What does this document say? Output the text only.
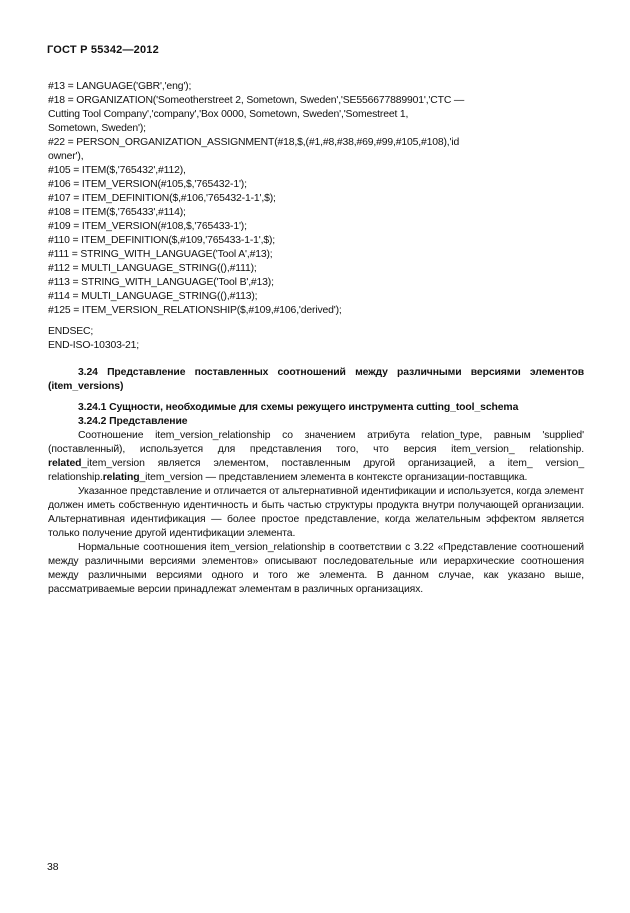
ГОСТ Р 55342—2012
#13 = LANGUAGE('GBR','eng');
#18 = ORGANIZATION('Someotherstreet 2, Sometown, Sweden','SE556677889901','CTC —
Cutting Tool Company','company','Box 0000, Sometown, Sweden','Somestreet 1,
Sometown, Sweden');
#22 = PERSON_ORGANIZATION_ASSIGNMENT(#18,$,(#1,#8,#38,#69,#99,#105,#108),'id
owner'),
#105 = ITEM($,'765432',#112),
#106 = ITEM_VERSION(#105,$,'765432-1');
#107 = ITEM_DEFINITION($,#106,'765432-1-1',$);
#108 = ITEM($,'765433',#114);
#109 = ITEM_VERSION(#108,$,'765433-1');
#110 = ITEM_DEFINITION($,#109,'765433-1-1',$);
#111 = STRING_WITH_LANGUAGE('Tool A',#13);
#112 = MULTI_LANGUAGE_STRING((),#111);
#113 = STRING_WITH_LANGUAGE('Tool B',#13);
#114 = MULTI_LANGUAGE_STRING((),#113);
#125 = ITEM_VERSION_RELATIONSHIP($,#109,#106,'derived');
ENDSEC;
END-ISO-10303-21;
3.24 Представление поставленных соотношений между различными версиями элементов (item_versions)
3.24.1 Сущности, необходимые для схемы режущего инструмента cutting_tool_schema
3.24.2 Представление

Соотношение item_version_relationship со значением атрибута relation_type, равным 'supplied' (поставленный), используется для представления того, что версия item_version_ relationship. related_item_version является элементом, поставленным другой организацией, а item_ version_ relationship.relating_item_version — представлением элемента в контексте организации-поставщика.

Указанное представление и отличается от альтернативной идентификации и используется, когда элемент должен иметь собственную идентичность и быть частью структуры продукта внутри получающей организации. Альтернативная идентификация — более простое представление, когда желательным эффектом является только получение другой идентификации элемента.

Нормальные соотношения item_version_relationship в соответствии с 3.22 «Представление соотношений между различными версиями элементов» описывают последовательные или иерархические соотношения между различными версиями одного и того же элемента. В данном случае, как указано выше, рассматриваемые версии принадлежат элементам в различных организациях.

38
